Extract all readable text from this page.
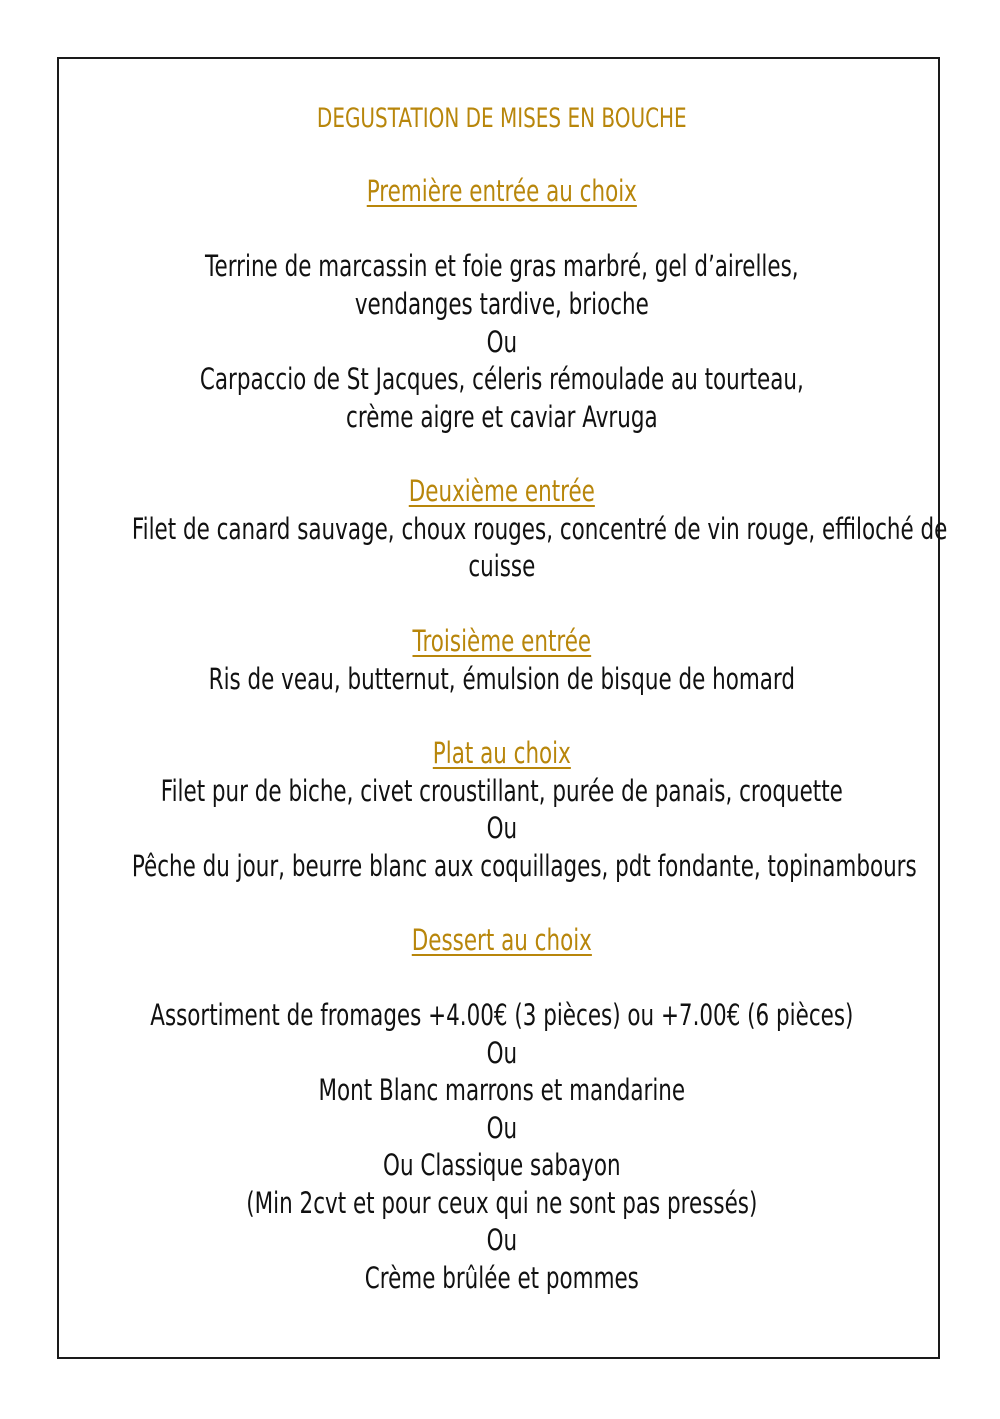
DEGUSTATION DE MISES EN BOUCHE
Première entrée au choix
Terrine de marcassin et foie gras marbré, gel d’airelles,
vendanges tardive, brioche
Ou
Carpaccio de St Jacques, céleris rémoulade au tourteau,
crème aigre et caviar Avruga
Deuxième entrée
Filet de canard sauvage, choux rouges, concentré de vin rouge, effiloché de
cuisse
Troisième entrée
Ris de veau, butternut, émulsion de bisque de homard
Plat au choix
Filet pur de biche, civet croustillant, purée de panais, croquette
Ou
Pêche du jour, beurre blanc aux coquillages, pdt fondante, topinambours
Dessert au choix
Assortiment de fromages +4.00€ (3 pièces) ou +7.00€ (6 pièces)
Ou
Mont Blanc marrons et mandarine
Ou
Ou Classique sabayon
(Min 2cvt et pour ceux qui ne sont pas pressés)
Ou
Crème brûlée et pommes
